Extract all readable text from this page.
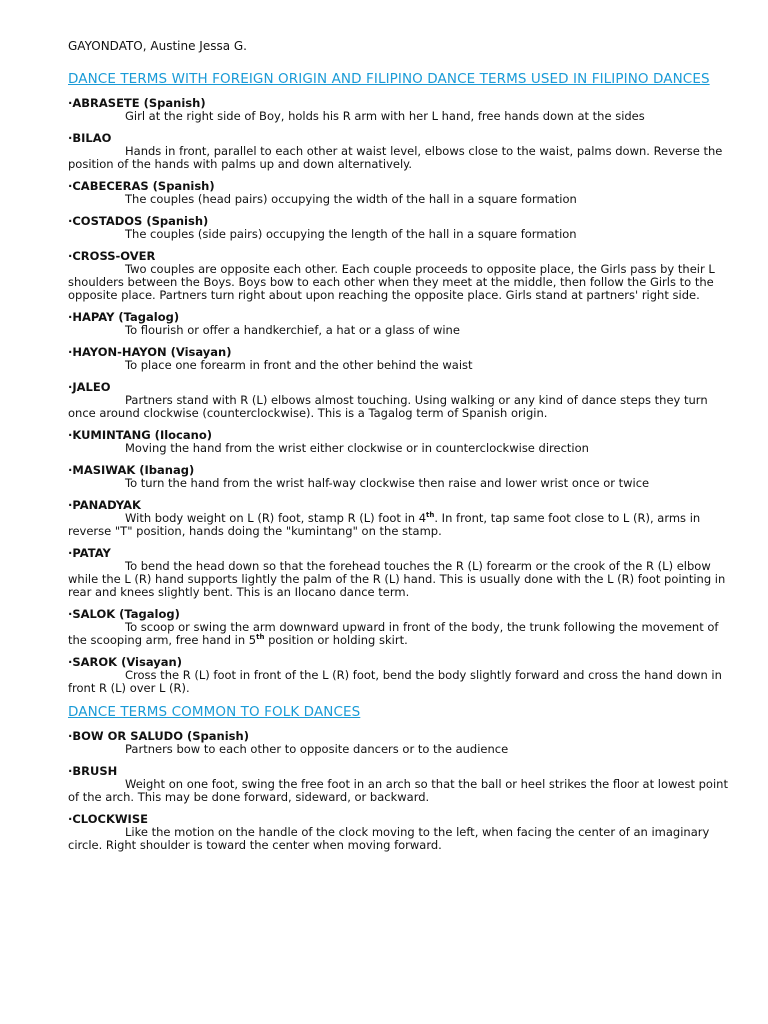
GAYONDATO, Austine Jessa G.
DANCE TERMS WITH FOREIGN ORIGIN AND FILIPINO DANCE TERMS USED IN FILIPINO DANCES
·ABRASETE (Spanish)
Girl at the right side of Boy, holds his R arm with her L hand, free hands down at the sides
·BILAO
Hands in front, parallel to each other at waist level, elbows close to the waist, palms down. Reverse the position of the hands with palms up and down alternatively.
·CABECERAS (Spanish)
The couples (head pairs) occupying the width of the hall in a square formation
·COSTADOS (Spanish)
The couples (side pairs) occupying the length of the hall in a square formation
·CROSS-OVER
Two couples are opposite each other. Each couple proceeds to opposite place, the Girls pass by their L shoulders between the Boys. Boys bow to each other when they meet at the middle, then follow the Girls to the opposite place. Partners turn right about upon reaching the opposite place. Girls stand at partners' right side.
·HAPAY (Tagalog)
To flourish or offer a handkerchief, a hat or a glass of wine
·HAYON-HAYON (Visayan)
To place one forearm in front and the other behind the waist
·JALEO
Partners stand with R (L) elbows almost touching. Using walking or any kind of dance steps they turn once around clockwise (counterclockwise). This is a Tagalog term of Spanish origin.
·KUMINTANG (Ilocano)
Moving the hand from the wrist either clockwise or in counterclockwise direction
·MASIWAK (Ibanag)
To turn the hand from the wrist half-way clockwise then raise and lower wrist once or twice
·PANADYAK
With body weight on L (R) foot, stamp R (L) foot in 4th. In front, tap same foot close to L (R), arms in reverse "T" position, hands doing the "kumintang" on the stamp.
·PATAY
To bend the head down so that the forehead touches the R (L) forearm or the crook of the R (L) elbow while the L (R) hand supports lightly the palm of the R (L) hand. This is usually done with the L (R) foot pointing in rear and knees slightly bent. This is an Ilocano dance term.
·SALOK (Tagalog)
To scoop or swing the arm downward upward in front of the body, the trunk following the movement of the scooping arm, free hand in 5th position or holding skirt.
·SAROK (Visayan)
Cross the R (L) foot in front of the L (R) foot, bend the body slightly forward and cross the hand down in front R (L) over L (R).
DANCE TERMS COMMON TO FOLK DANCES
·BOW OR SALUDO (Spanish)
Partners bow to each other to opposite dancers or to the audience
·BRUSH
Weight on one foot, swing the free foot in an arch so that the ball or heel strikes the floor at lowest point of the arch. This may be done forward, sideward, or backward.
·CLOCKWISE
Like the motion on the handle of the clock moving to the left, when facing the center of an imaginary circle. Right shoulder is toward the center when moving forward.
